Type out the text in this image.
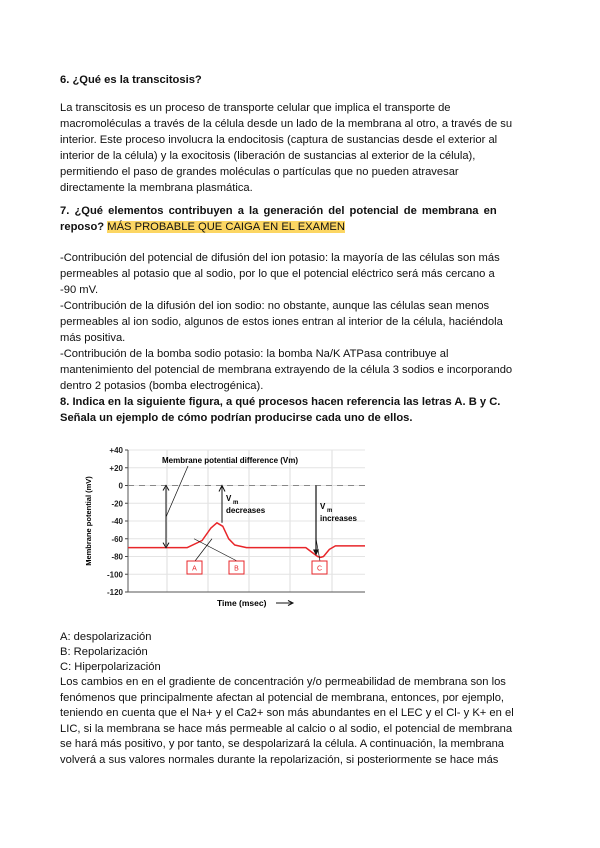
6. ¿Qué es la transcitosis?
La transcitosis es un proceso de transporte celular que implica el transporte de
macromoléculas a través de la célula desde un lado de la membrana al otro, a través de su
interior. Este proceso involucra la endocitosis (captura de sustancias desde el exterior al
interior de la célula) y la exocitosis (liberación de sustancias al exterior de la célula),
permitiendo el paso de grandes moléculas o partículas que no pueden atravesar
directamente la membrana plasmática.
7. ¿Qué elementos contribuyen a la generación del potencial de membrana en
reposo? MÁS PROBABLE QUE CAIGA EN EL EXAMEN
-Contribución del potencial de difusión del ion potasio: la mayoría de las células son más
permeables al potasio que al sodio, por lo que el potencial eléctrico será más cercano a
-90 mV.
-Contribución de la difusión del ion sodio: no obstante, aunque las células sean menos
permeables al ion sodio, algunos de estos iones entran al interior de la célula, haciéndola
más positiva.
-Contribución de la bomba sodio potasio: la bomba Na/K ATPasa contribuye al
mantenimiento del potencial de membrana extrayendo de la célula 3 sodios e incorporando
dentro 2 potasios (bomba electrogénica).
8. Indica en la siguiente figura, a qué procesos hacen referencia las letras A. B y C.
Señala un ejemplo de cómo podrían producirse cada uno de ellos.
+40
+20
0
-20
-40
-60
-80
-100
-120
Membrane potential difference (Vm)
V m
decreases	V m
increases
A	B	C
Time (msec)
Membrane potential (mV)
A: despolarización
B: Repolarización
C: Hiperpolarización
Los cambios en en el gradiente de concentración y/o permeabilidad de membrana son los
fenómenos que principalmente afectan al potencial de membrana, entonces, por ejemplo,
teniendo en cuenta que el Na+ y el Ca2+ son más abundantes en el LEC y el Cl- y K+ en el
LIC, si la membrana se hace más permeable al calcio o al sodio, el potencial de membrana
se hará más positivo, y por tanto, se despolarizará la célula. A continuación, la membrana
volverá a sus valores normales durante la repolarización, si posteriormente se hace más
